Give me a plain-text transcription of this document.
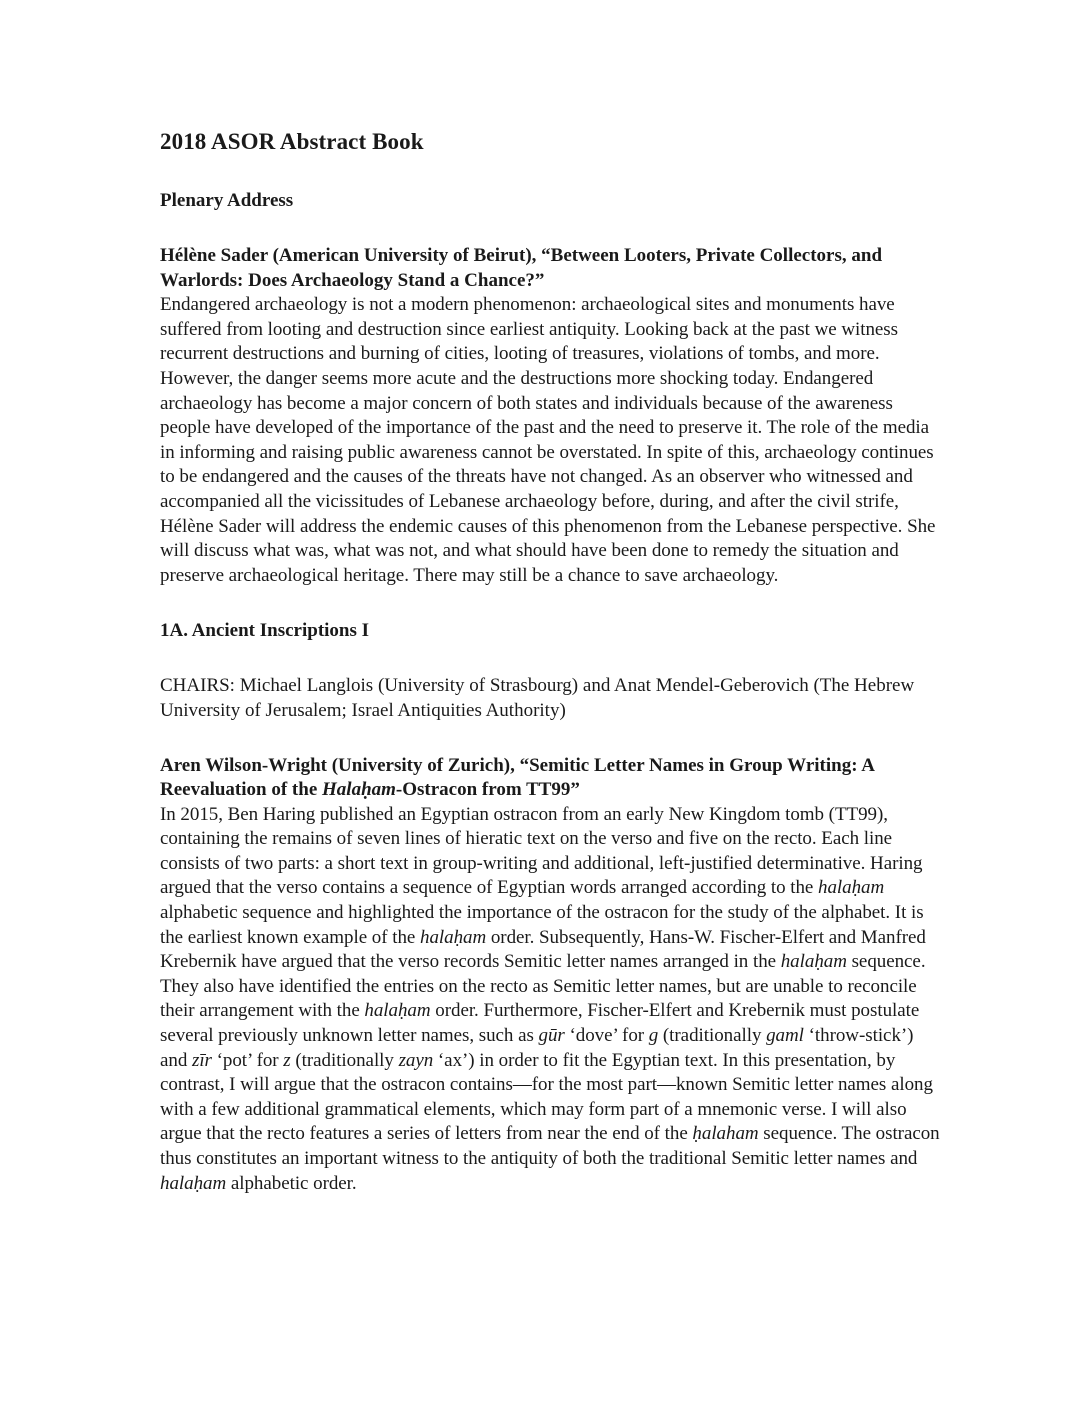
2018 ASOR Abstract Book
Plenary Address

Hélène Sader (American University of Beirut), “Between Looters, Private Collectors, and Warlords: Does Archaeology Stand a Chance?”

Endangered archaeology is not a modern phenomenon: archaeological sites and monuments have suffered from looting and destruction since earliest antiquity. Looking back at the past we witness recurrent destructions and burning of cities, looting of treasures, violations of tombs, and more. However, the danger seems more acute and the destructions more shocking today. Endangered archaeology has become a major concern of both states and individuals because of the awareness people have developed of the importance of the past and the need to preserve it. The role of the media in informing and raising public awareness cannot be overstated. In spite of this, archaeology continues to be endangered and the causes of the threats have not changed. As an observer who witnessed and accompanied all the vicissitudes of Lebanese archaeology before, during, and after the civil strife, Hélène Sader will address the endemic causes of this phenomenon from the Lebanese perspective. She will discuss what was, what was not, and what should have been done to remedy the situation and preserve archaeological heritage. There may still be a chance to save archaeology.

1A. Ancient Inscriptions I

CHAIRS: Michael Langlois (University of Strasbourg) and Anat Mendel-Geberovich (The Hebrew University of Jerusalem; Israel Antiquities Authority)

Aren Wilson-Wright (University of Zurich), “Semitic Letter Names in Group Writing: A Reevaluation of the Halaḥam-Ostracon from TT99”

In 2015, Ben Haring published an Egyptian ostracon from an early New Kingdom tomb (TT99), containing the remains of seven lines of hieratic text on the verso and five on the recto. Each line consists of two parts: a short text in group-writing and additional, left-justified determinative. Haring argued that the verso contains a sequence of Egyptian words arranged according to the halaḥam alphabetic sequence and highlighted the importance of the ostracon for the study of the alphabet. It is the earliest known example of the halaḥam order. Subsequently, Hans-W. Fischer-Elfert and Manfred Krebernik have argued that the verso records Semitic letter names arranged in the halaḥam sequence. They also have identified the entries on the recto as Semitic letter names, but are unable to reconcile their arrangement with the halaḥam order. Furthermore, Fischer-Elfert and Krebernik must postulate several previously unknown letter names, such as gūr ‘dove’ for g (traditionally gaml ‘throw-stick’) and zīr ‘pot’ for z (traditionally zayn ‘ax’) in order to fit the Egyptian text. In this presentation, by contrast, I will argue that the ostracon contains—for the most part—known Semitic letter names along with a few additional grammatical elements, which may form part of a mnemonic verse. I will also argue that the recto features a series of letters from near the end of the ḥalaham sequence. The ostracon thus constitutes an important witness to the antiquity of both the traditional Semitic letter names and halaḥam alphabetic order.
